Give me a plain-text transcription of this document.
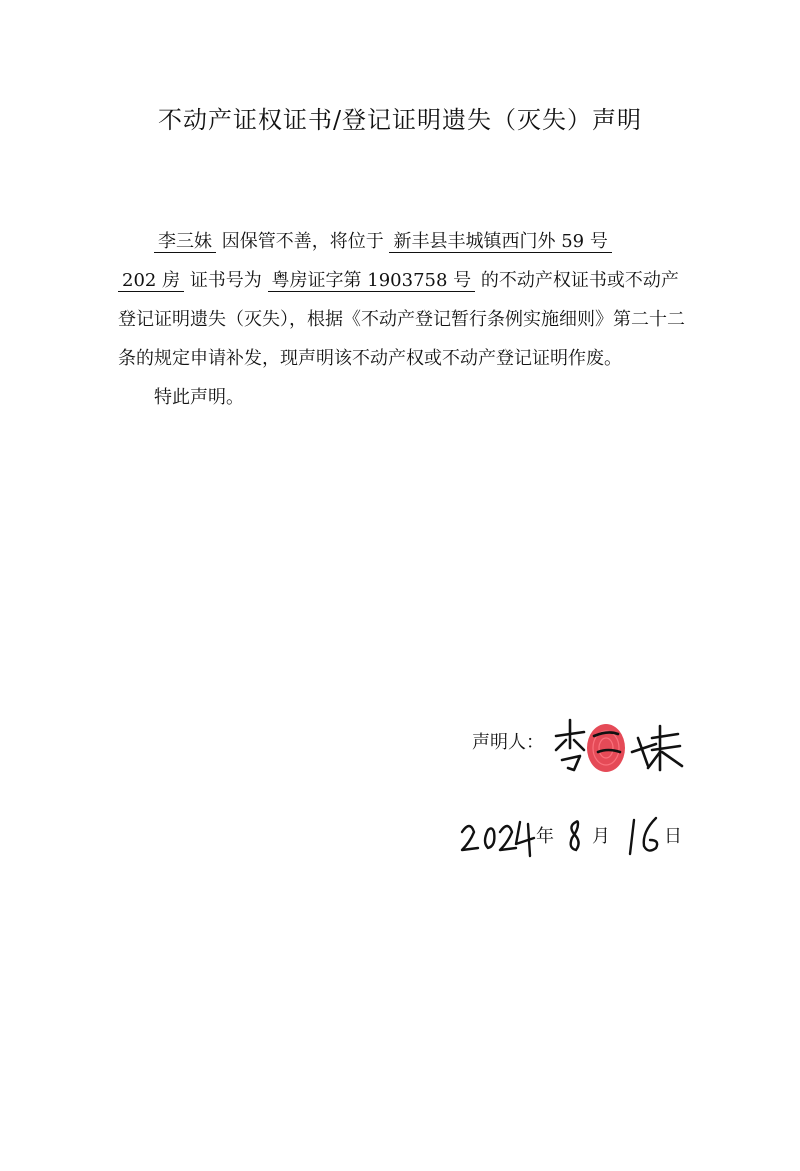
不动产证权证书/登记证明遗失（灭失）声明

李三妹 因保管不善，将位于 新丰县丰城镇西门外 59 号
202 房 证书号为 粤房证字第 1903758 号 的不动产权证书或不动产登记证明遗失（灭失），根据《不动产登记暂行条例实施细则》第二十二条的规定申请补发，现声明该不动产权或不动产登记证明作废。

特此声明。

声明人：
年 月	日
